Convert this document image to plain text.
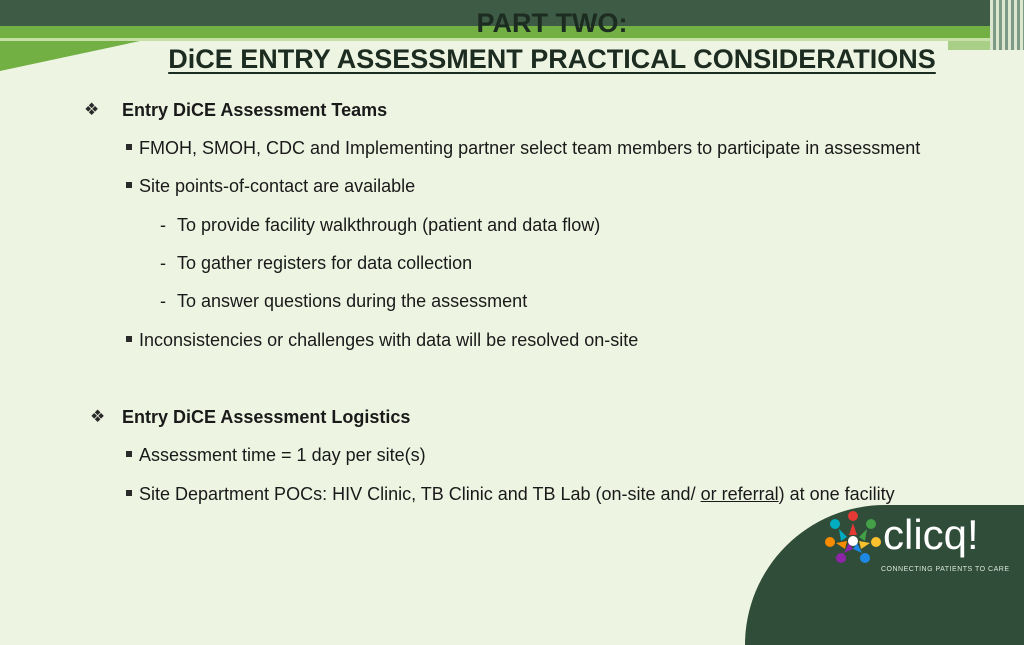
PART TWO:
DiCE ENTRY ASSESSMENT PRACTICAL CONSIDERATIONS
❖ Entry DiCE Assessment Teams
FMOH, SMOH, CDC and Implementing partner select team members to participate in assessment
Site points-of-contact are available
- To provide facility walkthrough (patient and data flow)
- To gather registers for data collection
- To answer questions during the assessment
Inconsistencies or challenges with data will be resolved on-site
❖ Entry DiCE Assessment Logistics
Assessment time = 1 day per site(s)
Site Department POCs: HIV Clinic, TB Clinic and TB Lab (on-site and/ or referral) at one facility
clicq!
CONNECTING PATIENTS TO CARE
